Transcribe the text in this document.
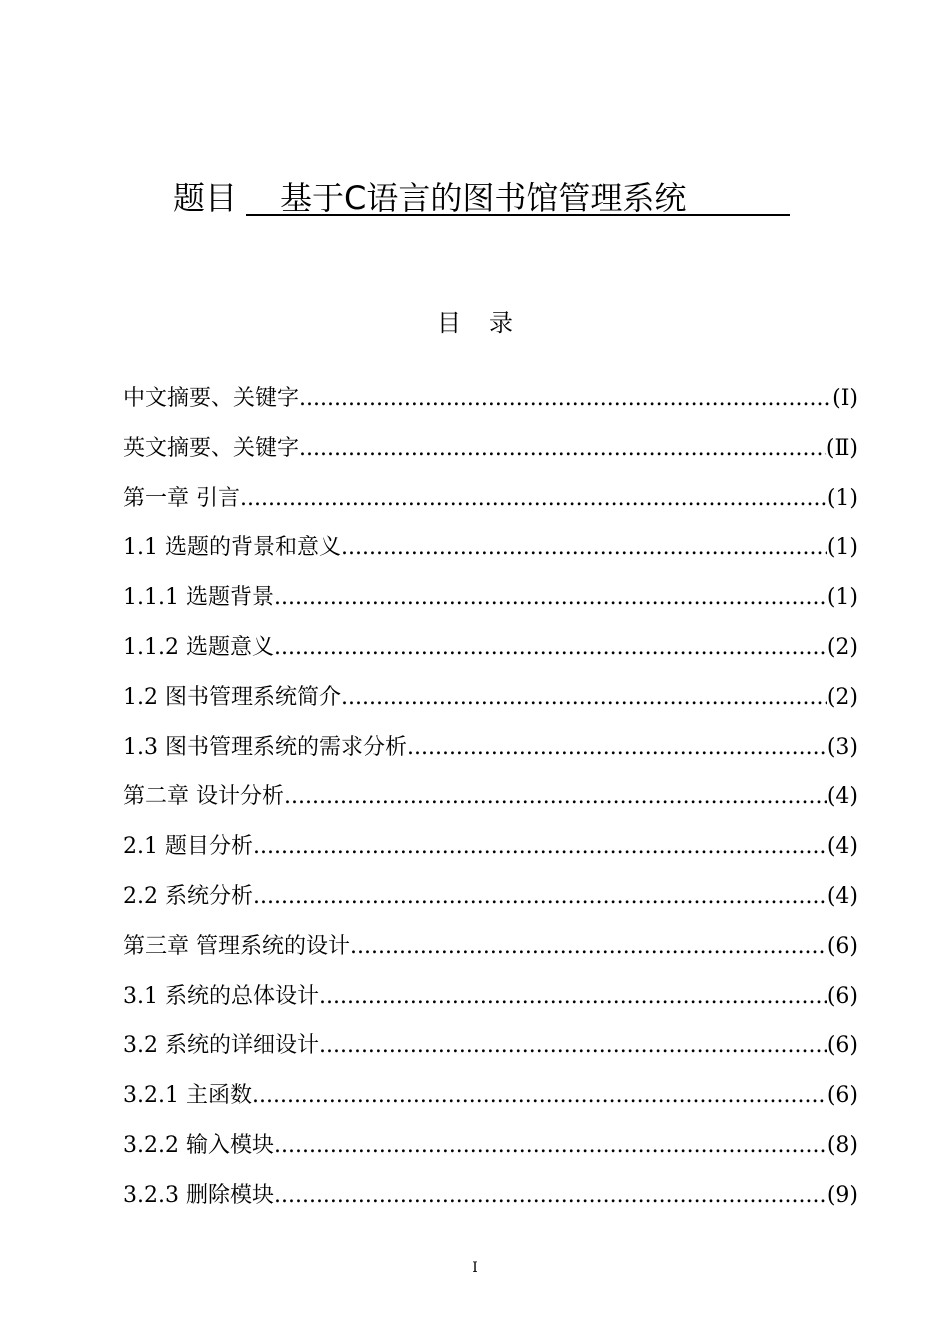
题目	基于C语言的图书馆管理系统
目录
中文摘要、关键字 .....	(Ⅰ)
英文摘要、关键字 .....	(Ⅱ)
第一章 引言 .....	(1)
1.1 选题的背景和意义 .....	(1)
1.1.1 选题背景 .....	(1)
1.1.2 选题意义 .....	(2)
1.2 图书管理系统简介 .....	(2)
1.3 图书管理系统的需求分析 .....	(3)
第二章 设计分析 .....	(4)
2.1 题目分析 .....	(4)
2.2 系统分析 .....	(4)
第三章 管理系统的设计 .....	(6)
3.1 系统的总体设计 .....	(6)
3.2 系统的详细设计 .....	(6)
3.2.1 主函数 .....	(6)
3.2.2 输入模块 .....	(8)
3.2.3 删除模块 .....	(9)
I
